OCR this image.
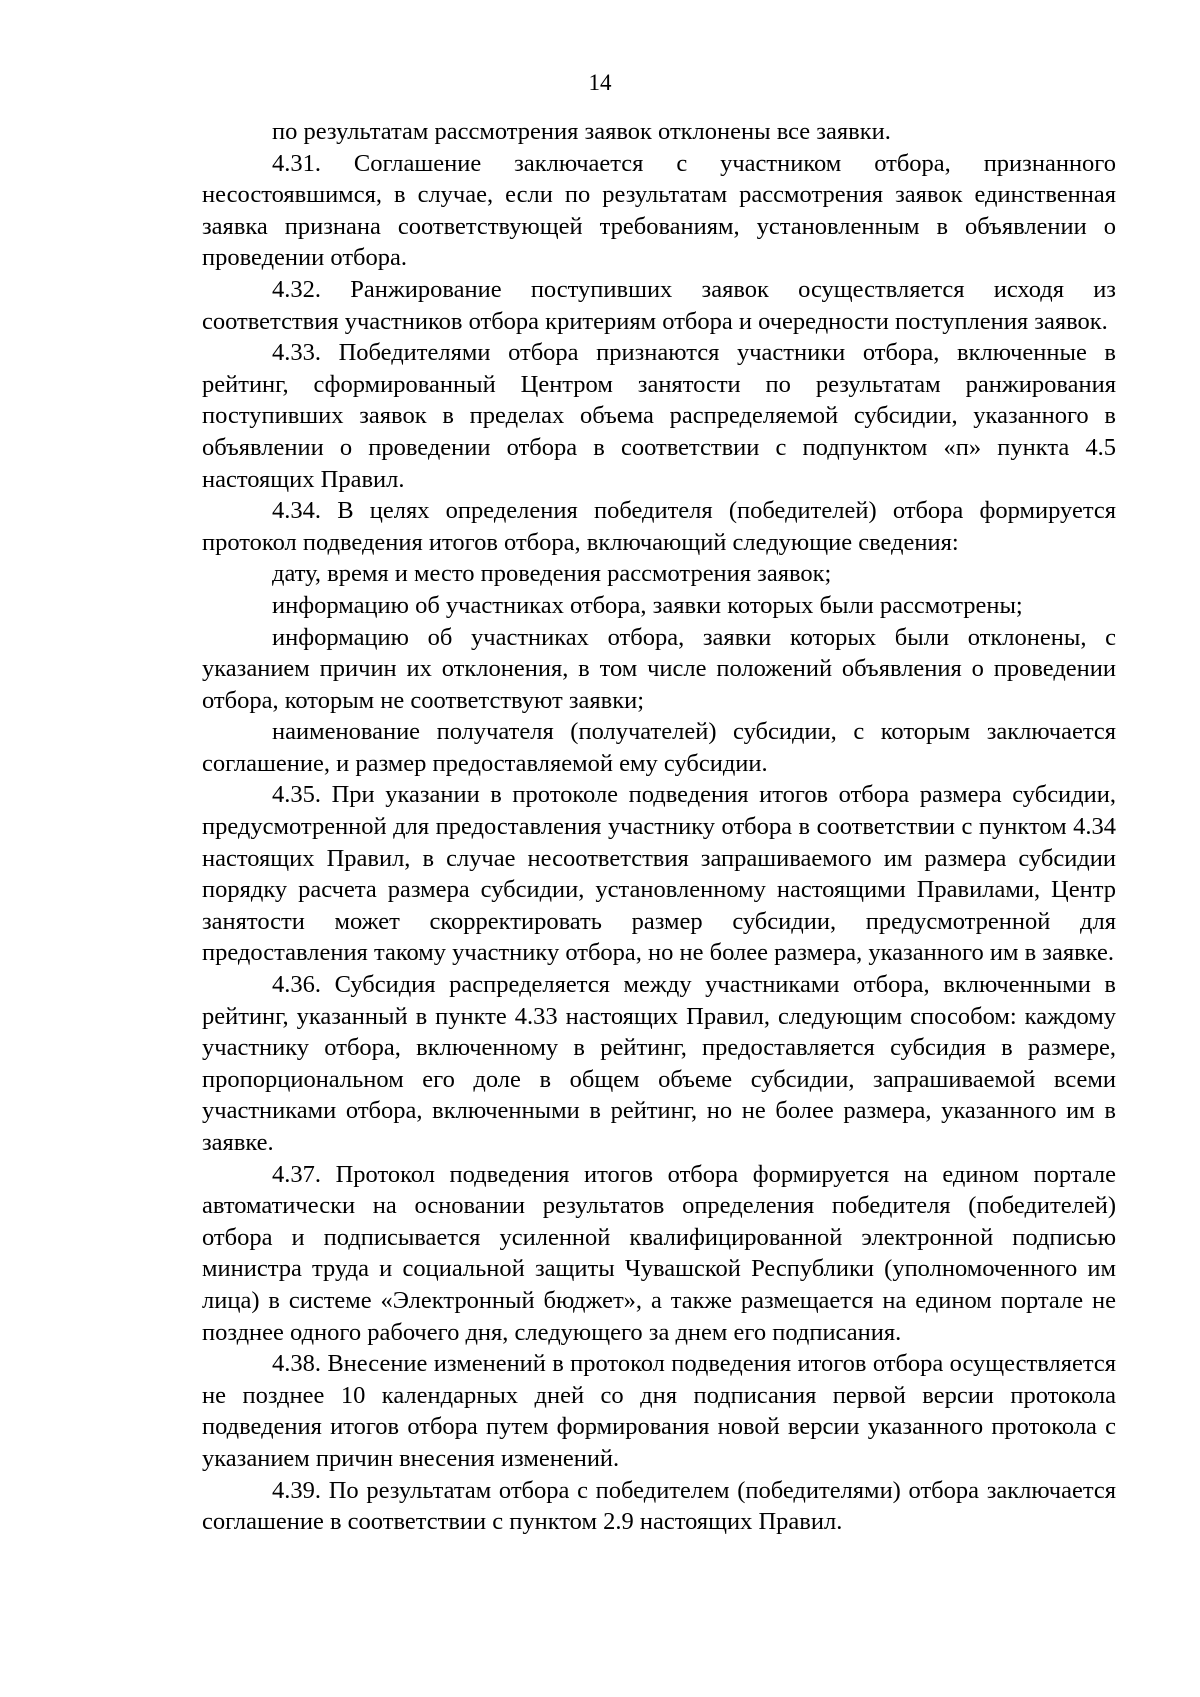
14

по результатам рассмотрения заявок отклонены все заявки.

4.31. Соглашение заключается с участником отбора, признанного несостоявшимся, в случае, если по результатам рассмотрения заявок единственная заявка признана соответствующей требованиям, установленным в объявлении о проведении отбора.

4.32. Ранжирование поступивших заявок осуществляется исходя из соответствия участников отбора критериям отбора и очередности поступления заявок.

4.33. Победителями отбора признаются участники отбора, включенные в рейтинг, сформированный Центром занятости по результатам ранжирования поступивших заявок в пределах объема распределяемой субсидии, указанного в объявлении о проведении отбора в соответствии с подпунктом «п» пункта 4.5 настоящих Правил.

4.34. В целях определения победителя (победителей) отбора формируется протокол подведения итогов отбора, включающий следующие сведения:

дату, время и место проведения рассмотрения заявок;

информацию об участниках отбора, заявки которых были рассмотрены;

информацию об участниках отбора, заявки которых были отклонены, с указанием причин их отклонения, в том числе положений объявления о проведении отбора, которым не соответствуют заявки;

наименование получателя (получателей) субсидии, с которым заключается соглашение, и размер предоставляемой ему субсидии.

4.35. При указании в протоколе подведения итогов отбора размера субсидии, предусмотренной для предоставления участнику отбора в соответствии с пунктом 4.34 настоящих Правил, в случае несоответствия запрашиваемого им размера субсидии порядку расчета размера субсидии, установленному настоящими Правилами, Центр занятости может скорректировать размер субсидии, предусмотренной для предоставления такому участнику отбора, но не более размера, указанного им в заявке.

4.36. Субсидия распределяется между участниками отбора, включенными в рейтинг, указанный в пункте 4.33 настоящих Правил, следующим способом: каждому участнику отбора, включенному в рейтинг, предоставляется субсидия в размере, пропорциональном его доле в общем объеме субсидии, запрашиваемой всеми участниками отбора, включенными в рейтинг, но не более размера, указанного им в заявке.

4.37. Протокол подведения итогов отбора формируется на едином портале автоматически на основании результатов определения победителя (победителей) отбора и подписывается усиленной квалифицированной электронной подписью министра труда и социальной защиты Чувашской Республики (уполномоченного им лица) в системе «Электронный бюджет», а также размещается на едином портале не позднее одного рабочего дня, следующего за днем его подписания.

4.38. Внесение изменений в протокол подведения итогов отбора осуществляется не позднее 10 календарных дней со дня подписания первой версии протокола подведения итогов отбора путем формирования новой версии указанного протокола с указанием причин внесения изменений.

4.39. По результатам отбора с победителем (победителями) отбора заключается соглашение в соответствии с пунктом 2.9 настоящих Правил.
